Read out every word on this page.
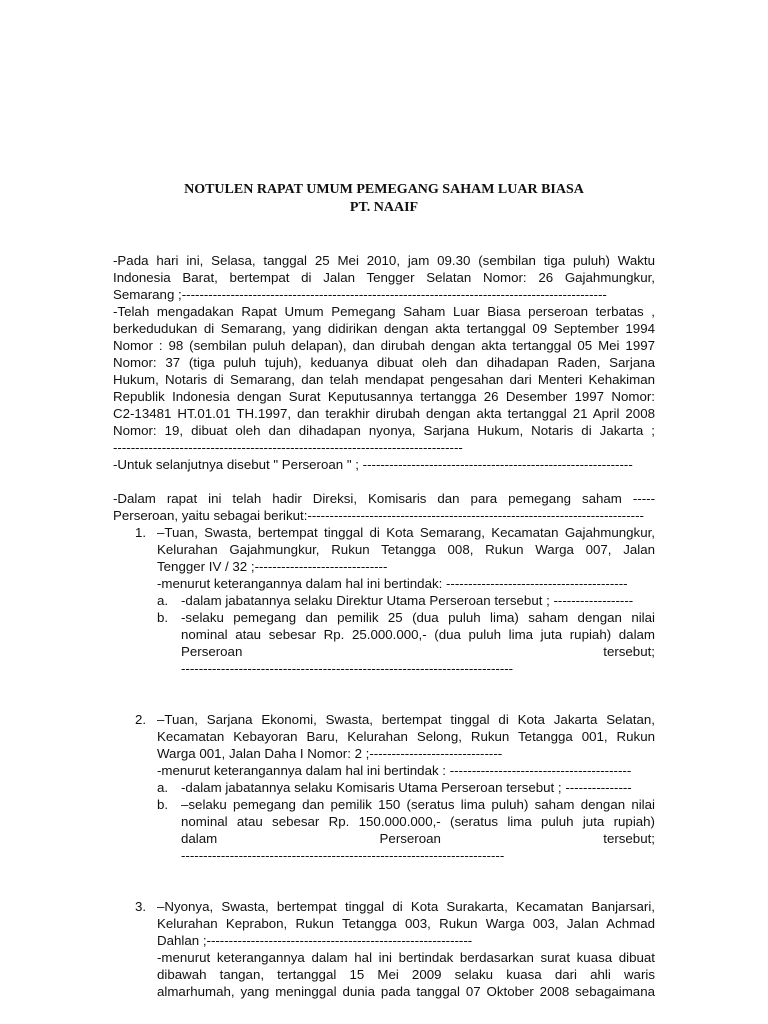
NOTULEN RAPAT UMUM PEMEGANG SAHAM LUAR BIASA
PT. NAAIF

-Pada hari ini, Selasa, tanggal 25 Mei 2010, jam 09.30 (sembilan tiga puluh) Waktu

Indonesia Barat, bertempat di Jalan Tengger Selatan Nomor: 26 Gajahmungkur,

Semarang ;------------------------------------------------------------------------------------------------

-Telah mengadakan Rapat Umum Pemegang Saham Luar Biasa perseroan terbatas ,

berkedudukan di Semarang, yang didirikan dengan akta tertanggal 09 September 1994

Nomor : 98 (sembilan puluh delapan), dan dirubah dengan akta tertanggal 05 Mei 1997

Nomor: 37 (tiga puluh tujuh), keduanya dibuat oleh dan dihadapan Raden, Sarjana

Hukum, Notaris di Semarang, dan telah mendapat pengesahan dari Menteri Kehakiman

Republik Indonesia dengan Surat Keputusannya tertangga 26 Desember 1997 Nomor:

C2-13481 HT.01.01 TH.1997, dan terakhir dirubah dengan akta tertanggal 21 April 2008

Nomor: 19, dibuat oleh dan dihadapan nyonya, Sarjana Hukum, Notaris di Jakarta ;

-------------------------------------------------------------------------------

-Untuk selanjutnya disebut " Perseroan " ; -------------------------------------------------------------

-Dalam rapat ini telah hadir Direksi, Komisaris dan para pemegang saham -----

Perseroan, yaitu sebagai berikut:----------------------------------------------------------------------------

1. –Tuan, Swasta, bertempat tinggal di Kota Semarang, Kecamatan Gajahmungkur,

Kelurahan Gajahmungkur, Rukun Tetangga 008, Rukun Warga 007, Jalan

Tengger IV / 32 ;------------------------------

-menurut keterangannya dalam hal ini bertindak: -----------------------------------------

a. -dalam jabatannya selaku Direktur Utama Perseroan tersebut ; ------------------

b. -selaku pemegang dan pemilik 25 (dua puluh lima) saham dengan nilai

nominal atau sebesar Rp. 25.000.000,- (dua puluh lima juta rupiah) dalam

Perseroan tersebut;

---------------------------------------------------------------------------

2. –Tuan, Sarjana Ekonomi, Swasta, bertempat tinggal di Kota Jakarta Selatan,

Kecamatan Kebayoran Baru, Kelurahan Selong, Rukun Tetangga 001, Rukun

Warga 001, Jalan Daha I Nomor: 2 ;------------------------------

-menurut keterangannya dalam hal ini bertindak : -----------------------------------------

a. -dalam jabatannya selaku Komisaris Utama Perseroan tersebut ; ---------------

b. –selaku pemegang dan pemilik 150 (seratus lima puluh) saham dengan nilai

nominal atau sebesar Rp. 150.000.000,- (seratus lima puluh juta rupiah)

dalam Perseroan tersebut;

-------------------------------------------------------------------------

3. –Nyonya, Swasta, bertempat tinggal di Kota Surakarta, Kecamatan Banjarsari,

Kelurahan Keprabon, Rukun Tetangga 003, Rukun Warga 003, Jalan Achmad

Dahlan ;------------------------------------------------------------

-menurut keterangannya dalam hal ini bertindak berdasarkan surat kuasa dibuat

dibawah tangan, tertanggal 15 Mei 2009 selaku kuasa dari ahli waris

almarhumah, yang meninggal dunia pada tanggal 07 Oktober 2008 sebagaimana
